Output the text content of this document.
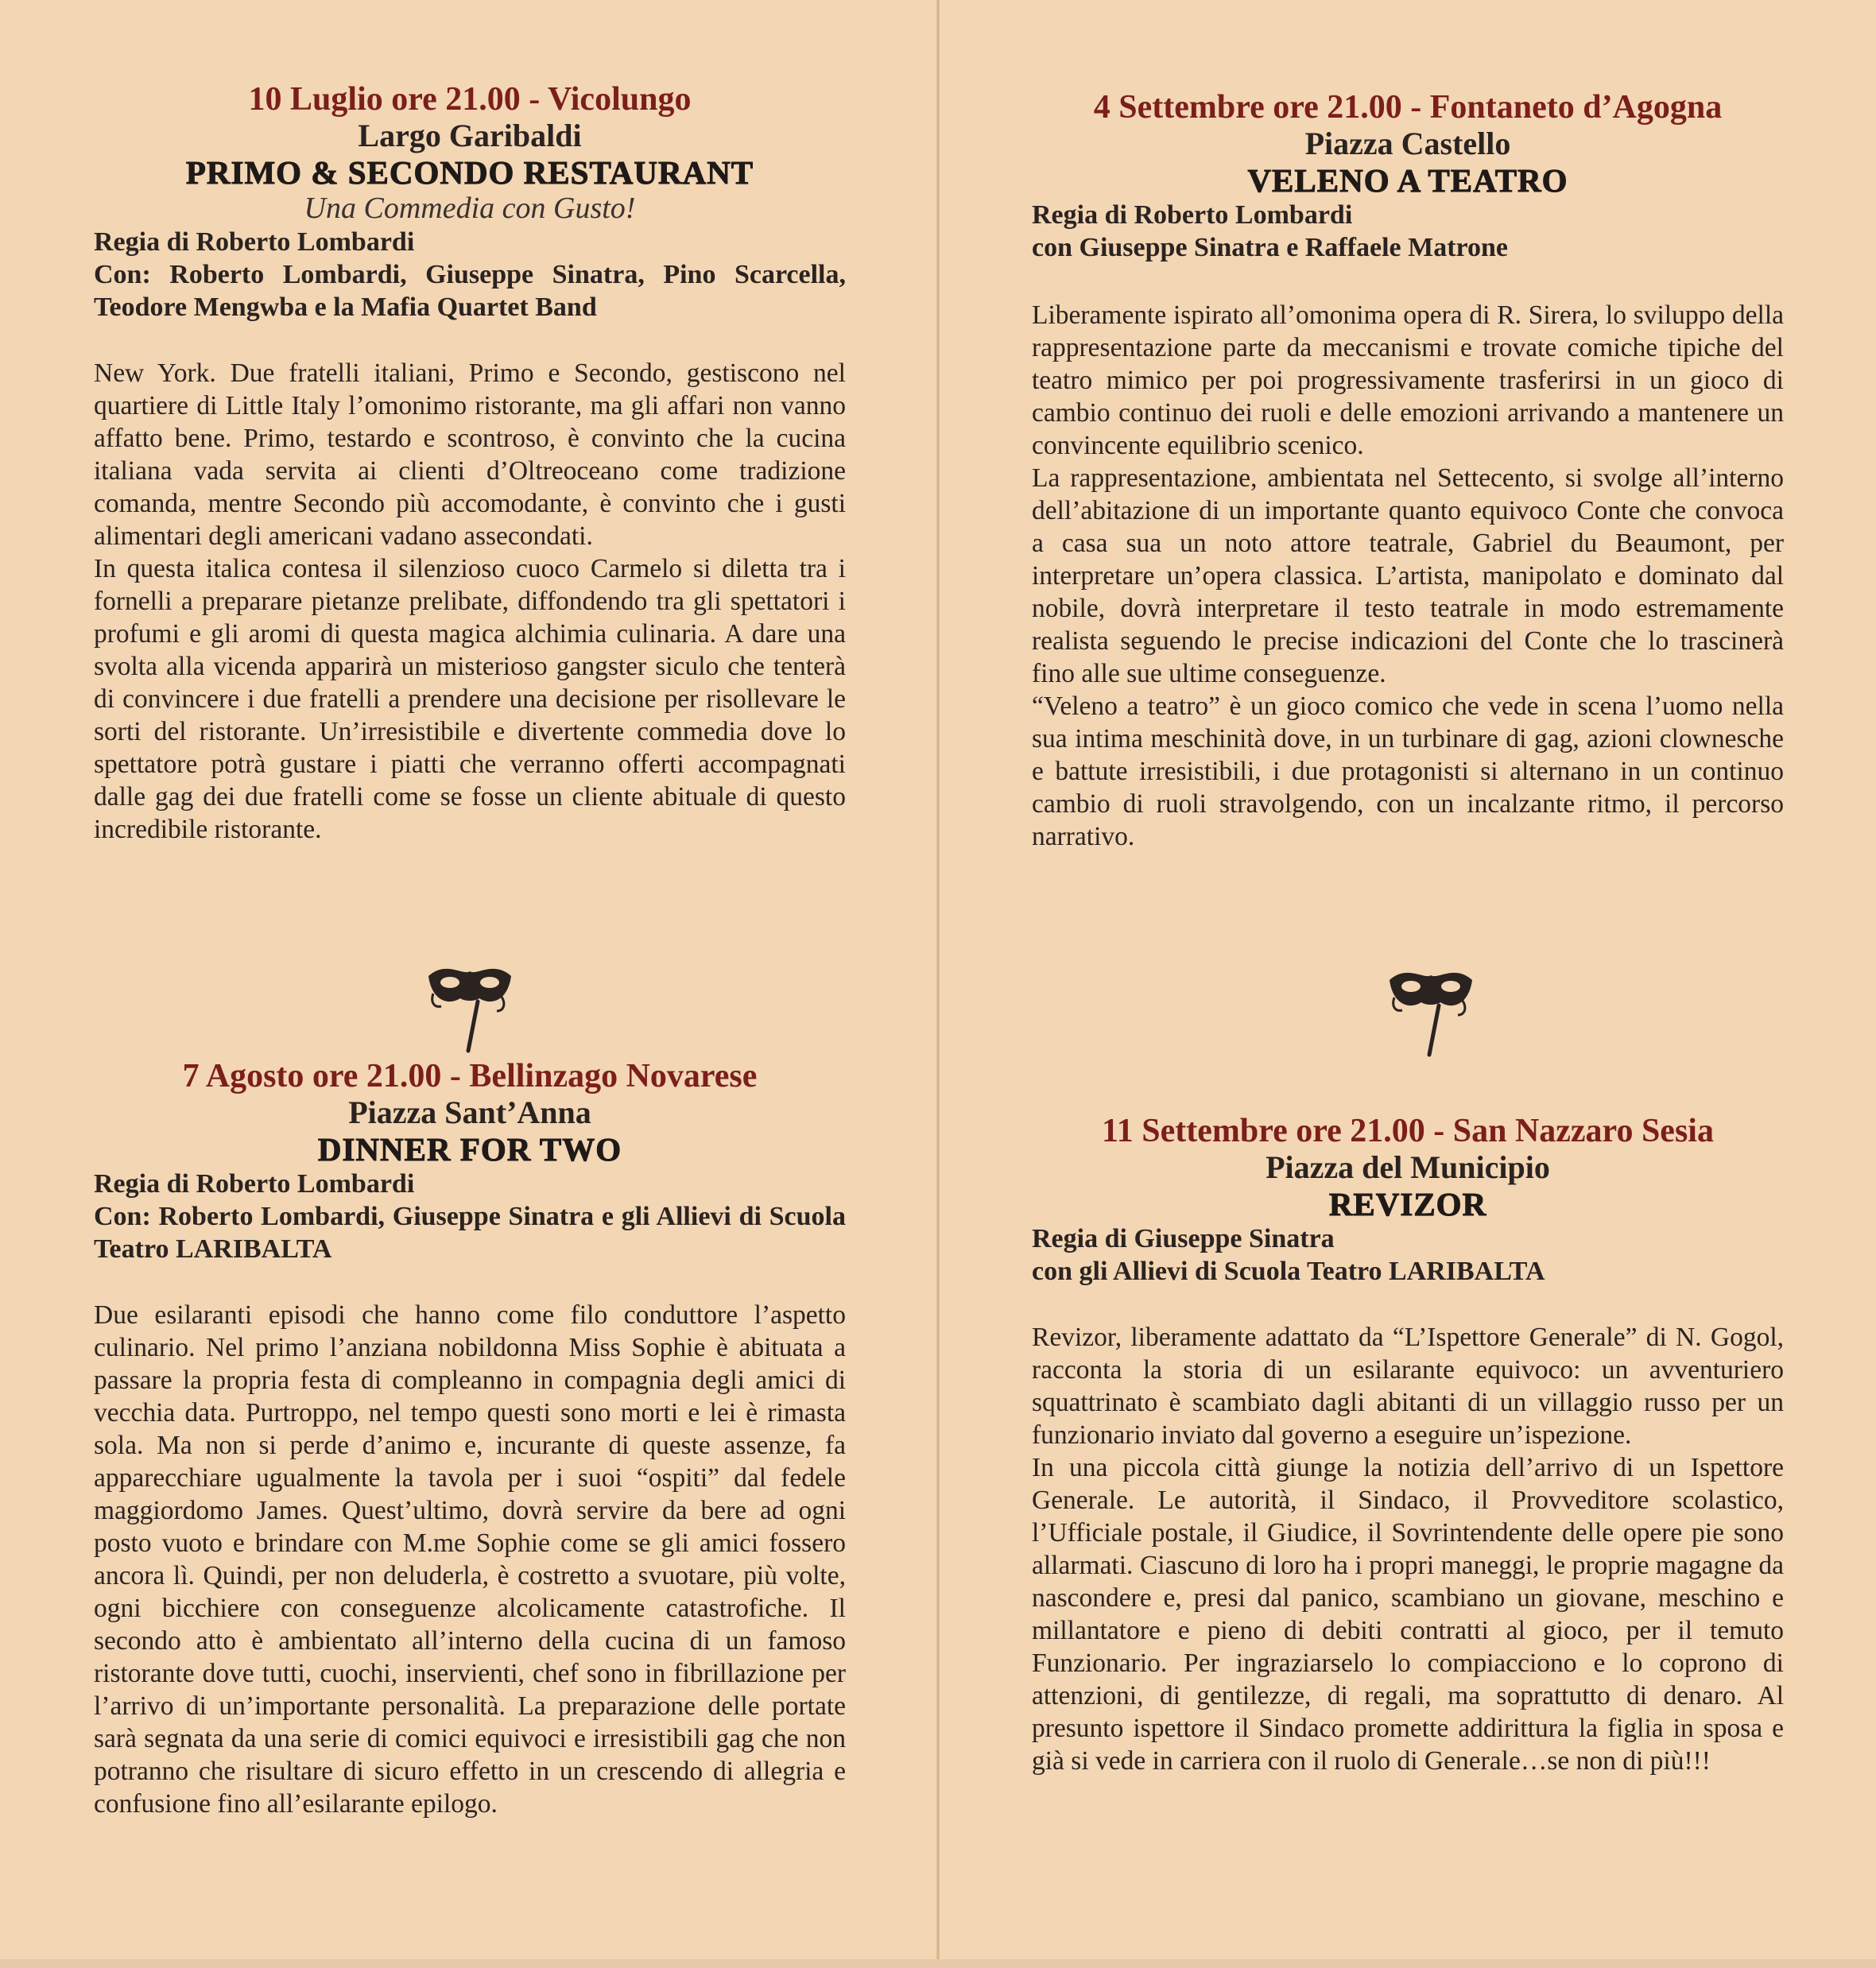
10 Luglio ore 21.00 - Vicolungo
Largo Garibaldi
PRIMO & SECONDO RESTAURANT
Una Commedia con Gusto!
Regia di Roberto Lombardi
Con: Roberto Lombardi, Giuseppe Sinatra, Pino Scarcella, Teodore Mengwba e la Mafia Quartet Band

New York. Due fratelli italiani, Primo e Secondo, gestiscono nel quartiere di Little Italy l’omonimo ristorante, ma gli affari non vanno affatto bene. Primo, testardo e scontroso, è convinto che la cucina italiana vada servita ai clienti d’Oltreoceano come tradizione comanda, mentre Secondo più accomodante, è convinto che i gusti alimentari degli americani vadano assecondati.

In questa italica contesa il silenzioso cuoco Carmelo si diletta tra i fornelli a preparare pietanze prelibate, diffondendo tra gli spettatori i profumi e gli aromi di questa magica alchimia culinaria. A dare una svolta alla vicenda apparirà un misterioso gangster siculo che tenterà di convincere i due fratelli a prendere una decisione per risollevare le sorti del ristorante. Un’irresistibile e divertente commedia dove lo spettatore potrà gustare i piatti che verranno offerti accompagnati dalle gag dei due fratelli come se fosse un cliente abituale di questo incredibile ristorante.

7 Agosto ore 21.00 - Bellinzago Novarese
Piazza Sant’Anna
DINNER FOR TWO
Regia di Roberto Lombardi
Con: Roberto Lombardi, Giuseppe Sinatra e gli Allievi di Scuola Teatro LARIBALTA

Due esilaranti episodi che hanno come filo conduttore l’aspetto culinario. Nel primo l’anziana nobildonna Miss Sophie è abituata a passare la propria festa di compleanno in compagnia degli amici di vecchia data. Purtroppo, nel tempo questi sono morti e lei è rimasta sola. Ma non si perde d’animo e, incurante di queste assenze, fa apparecchiare ugualmente la tavola per i suoi “ospiti” dal fedele maggiordomo James. Quest’ultimo, dovrà servire da bere ad ogni posto vuoto e brindare con M.me Sophie come se gli amici fossero ancora lì. Quindi, per non deluderla, è costretto a svuotare, più volte, ogni bicchiere con conseguenze alcolicamente catastrofiche. Il secondo atto è ambientato all’interno della cucina di un famoso ristorante dove tutti, cuochi, inservienti, chef sono in fibrillazione per l’arrivo di un’importante personalità. La preparazione delle portate sarà segnata da una serie di comici equivoci e irresistibili gag che non potranno che risultare di sicuro effetto in un crescendo di allegria e confusione fino all’esilarante epilogo.

4 Settembre ore 21.00 - Fontaneto d’Agogna
Piazza Castello
VELENO A TEATRO
Regia di Roberto Lombardi
con Giuseppe Sinatra e Raffaele Matrone

Liberamente ispirato all’omonima opera di R. Sirera, lo sviluppo della rappresentazione parte da meccanismi e trovate comiche tipiche del teatro mimico per poi progressivamente trasferirsi in un gioco di cambio continuo dei ruoli e delle emozioni arrivando a mantenere un convincente equilibrio scenico.

La rappresentazione, ambientata nel Settecento, si svolge all’interno dell’abitazione di un importante quanto equivoco Conte che convoca a casa sua un noto attore teatrale, Gabriel du Beaumont, per interpretare un’opera classica. L’artista, manipolato e dominato dal nobile, dovrà interpretare il testo teatrale in modo estremamente realista seguendo le precise indicazioni del Conte che lo trascinerà fino alle sue ultime conseguenze.

“Veleno a teatro” è un gioco comico che vede in scena l’uomo nella sua intima meschinità dove, in un turbinare di gag, azioni clownesche e battute irresistibili, i due protagonisti si alternano in un continuo cambio di ruoli stravolgendo, con un incalzante ritmo, il percorso narrativo.

11 Settembre ore 21.00 - San Nazzaro Sesia
Piazza del Municipio
REVIZOR
Regia di Giuseppe Sinatra
con gli Allievi di Scuola Teatro LARIBALTA

Revizor, liberamente adattato da “L’Ispettore Generale” di N. Gogol, racconta la storia di un esilarante equivoco: un avventuriero squattrinato è scambiato dagli abitanti di un villaggio russo per un funzionario inviato dal governo a eseguire un’ispezione.

In una piccola città giunge la notizia dell’arrivo di un Ispettore Generale. Le autorità, il Sindaco, il Provveditore scolastico, l’Ufficiale postale, il Giudice, il Sovrintendente delle opere pie sono allarmati. Ciascuno di loro ha i propri maneggi, le proprie magagne da nascondere e, presi dal panico, scambiano un giovane, meschino e millantatore e pieno di debiti contratti al gioco, per il temuto Funzionario. Per ingraziarselo lo compiacciono e lo coprono di attenzioni, di gentilezze, di regali, ma soprattutto di denaro. Al presunto ispettore il Sindaco promette addirittura la figlia in sposa e già si vede in carriera con il ruolo di Generale…se non di più!!!
